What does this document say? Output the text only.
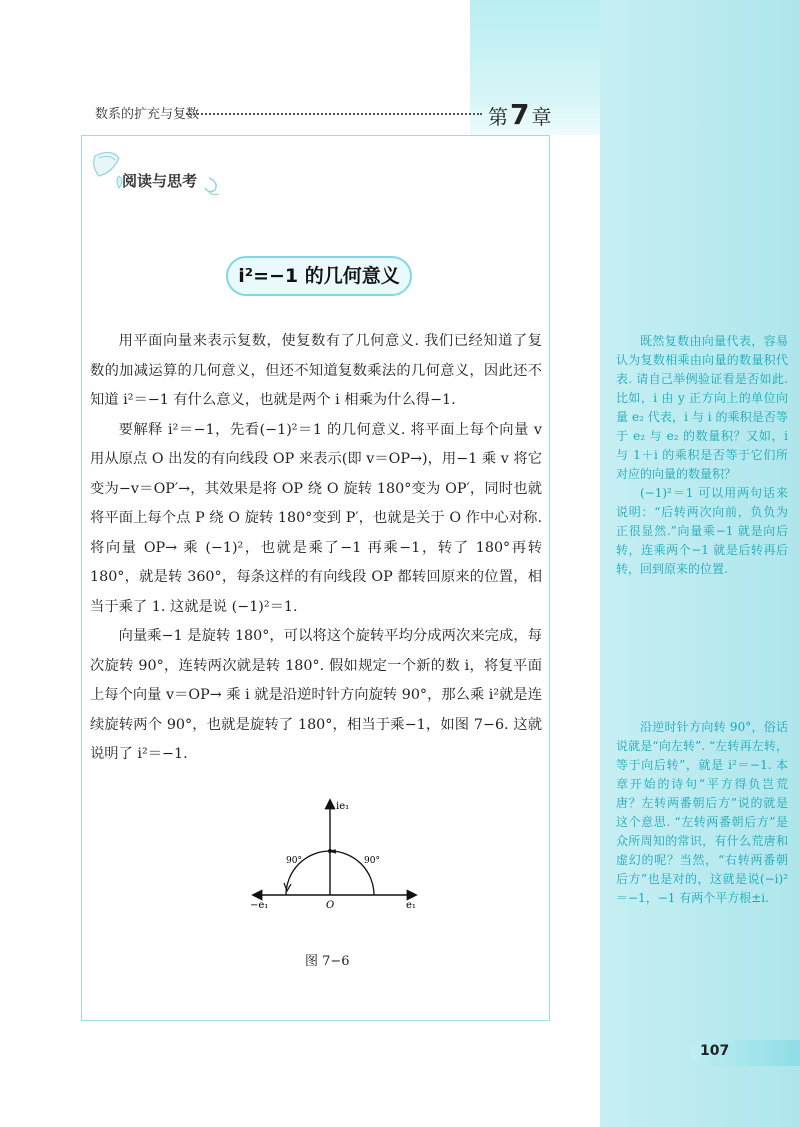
数系的扩充与复数	第7 章
阅读与思考
i²=−1 的几何意义

用平面向量来表示复数，使复数有了几何意义. 我们已经知道了复数的加减运算的几何意义，但还不知道复数乘法的几何意义，因此还不知道 i²＝−1 有什么意义，也就是两个 i 相乘为什么得−1.

要解释 i²＝−1，先看(−1)²＝1 的几何意义. 将平面上每个向量 v 用从原点 O 出发的有向线段 OP 来表示(即 v＝OP→)，用−1 乘 v 将它变为−v＝OP′→，其效果是将 OP 绕 O 旋转 180°变为 OP′，同时也就将平面上每个点 P 绕 O 旋转 180°变到 P′，也就是关于 O 作中心对称. 将向量 OP→ 乘 (−1)²，也就是乘了−1 再乘−1，转了 180°再转 180°，就是转 360°，每条这样的有向线段 OP 都转回原来的位置，相当于乘了 1. 这就是说 (−1)²＝1.

向量乘−1 是旋转 180°，可以将这个旋转平均分成两次来完成，每次旋转 90°，连转两次就是转 180°. 假如规定一个新的数 i，将复平面上每个向量 v＝OP→ 乘 i 就是沿逆时针方向旋转 90°，那么乘 i²就是连续旋转两个 90°，也就是旋转了 180°，相当于乘−1，如图 7−6. 这就说明了 i²＝−1.

ie₁
−e₁	e₁
O
90°	90°
图 7−6

既然复数由向量代表，容易认为复数相乘由向量的数量积代表. 请自己举例验证看是否如此. 比如，i 由 y 正方向上的单位向量 e₂ 代表，i 与 i 的乘积是否等于 e₂ 与 e₂ 的数量积？又如，i 与 1＋i 的乘积是否等于它们所对应的向量的数量积？

(−1)²＝1 可以用两句话来说明：“后转两次向前，负负为正很显然.”向量乘−1 就是向后转，连乘两个−1 就是后转再后转，回到原来的位置.

沿逆时针方向转 90°，俗话说就是“向左转”. “左转再左转，等于向后转”，就是 i²＝−1. 本章开始的诗句“平方得负岂荒唐？左转两番朝后方”说的就是这个意思. “左转两番朝后方”是众所周知的常识，有什么荒唐和虚幻的呢？当然，“右转两番朝后方”也是对的，这就是说(−i)²＝−1，−1 有两个平方根±i.

107
